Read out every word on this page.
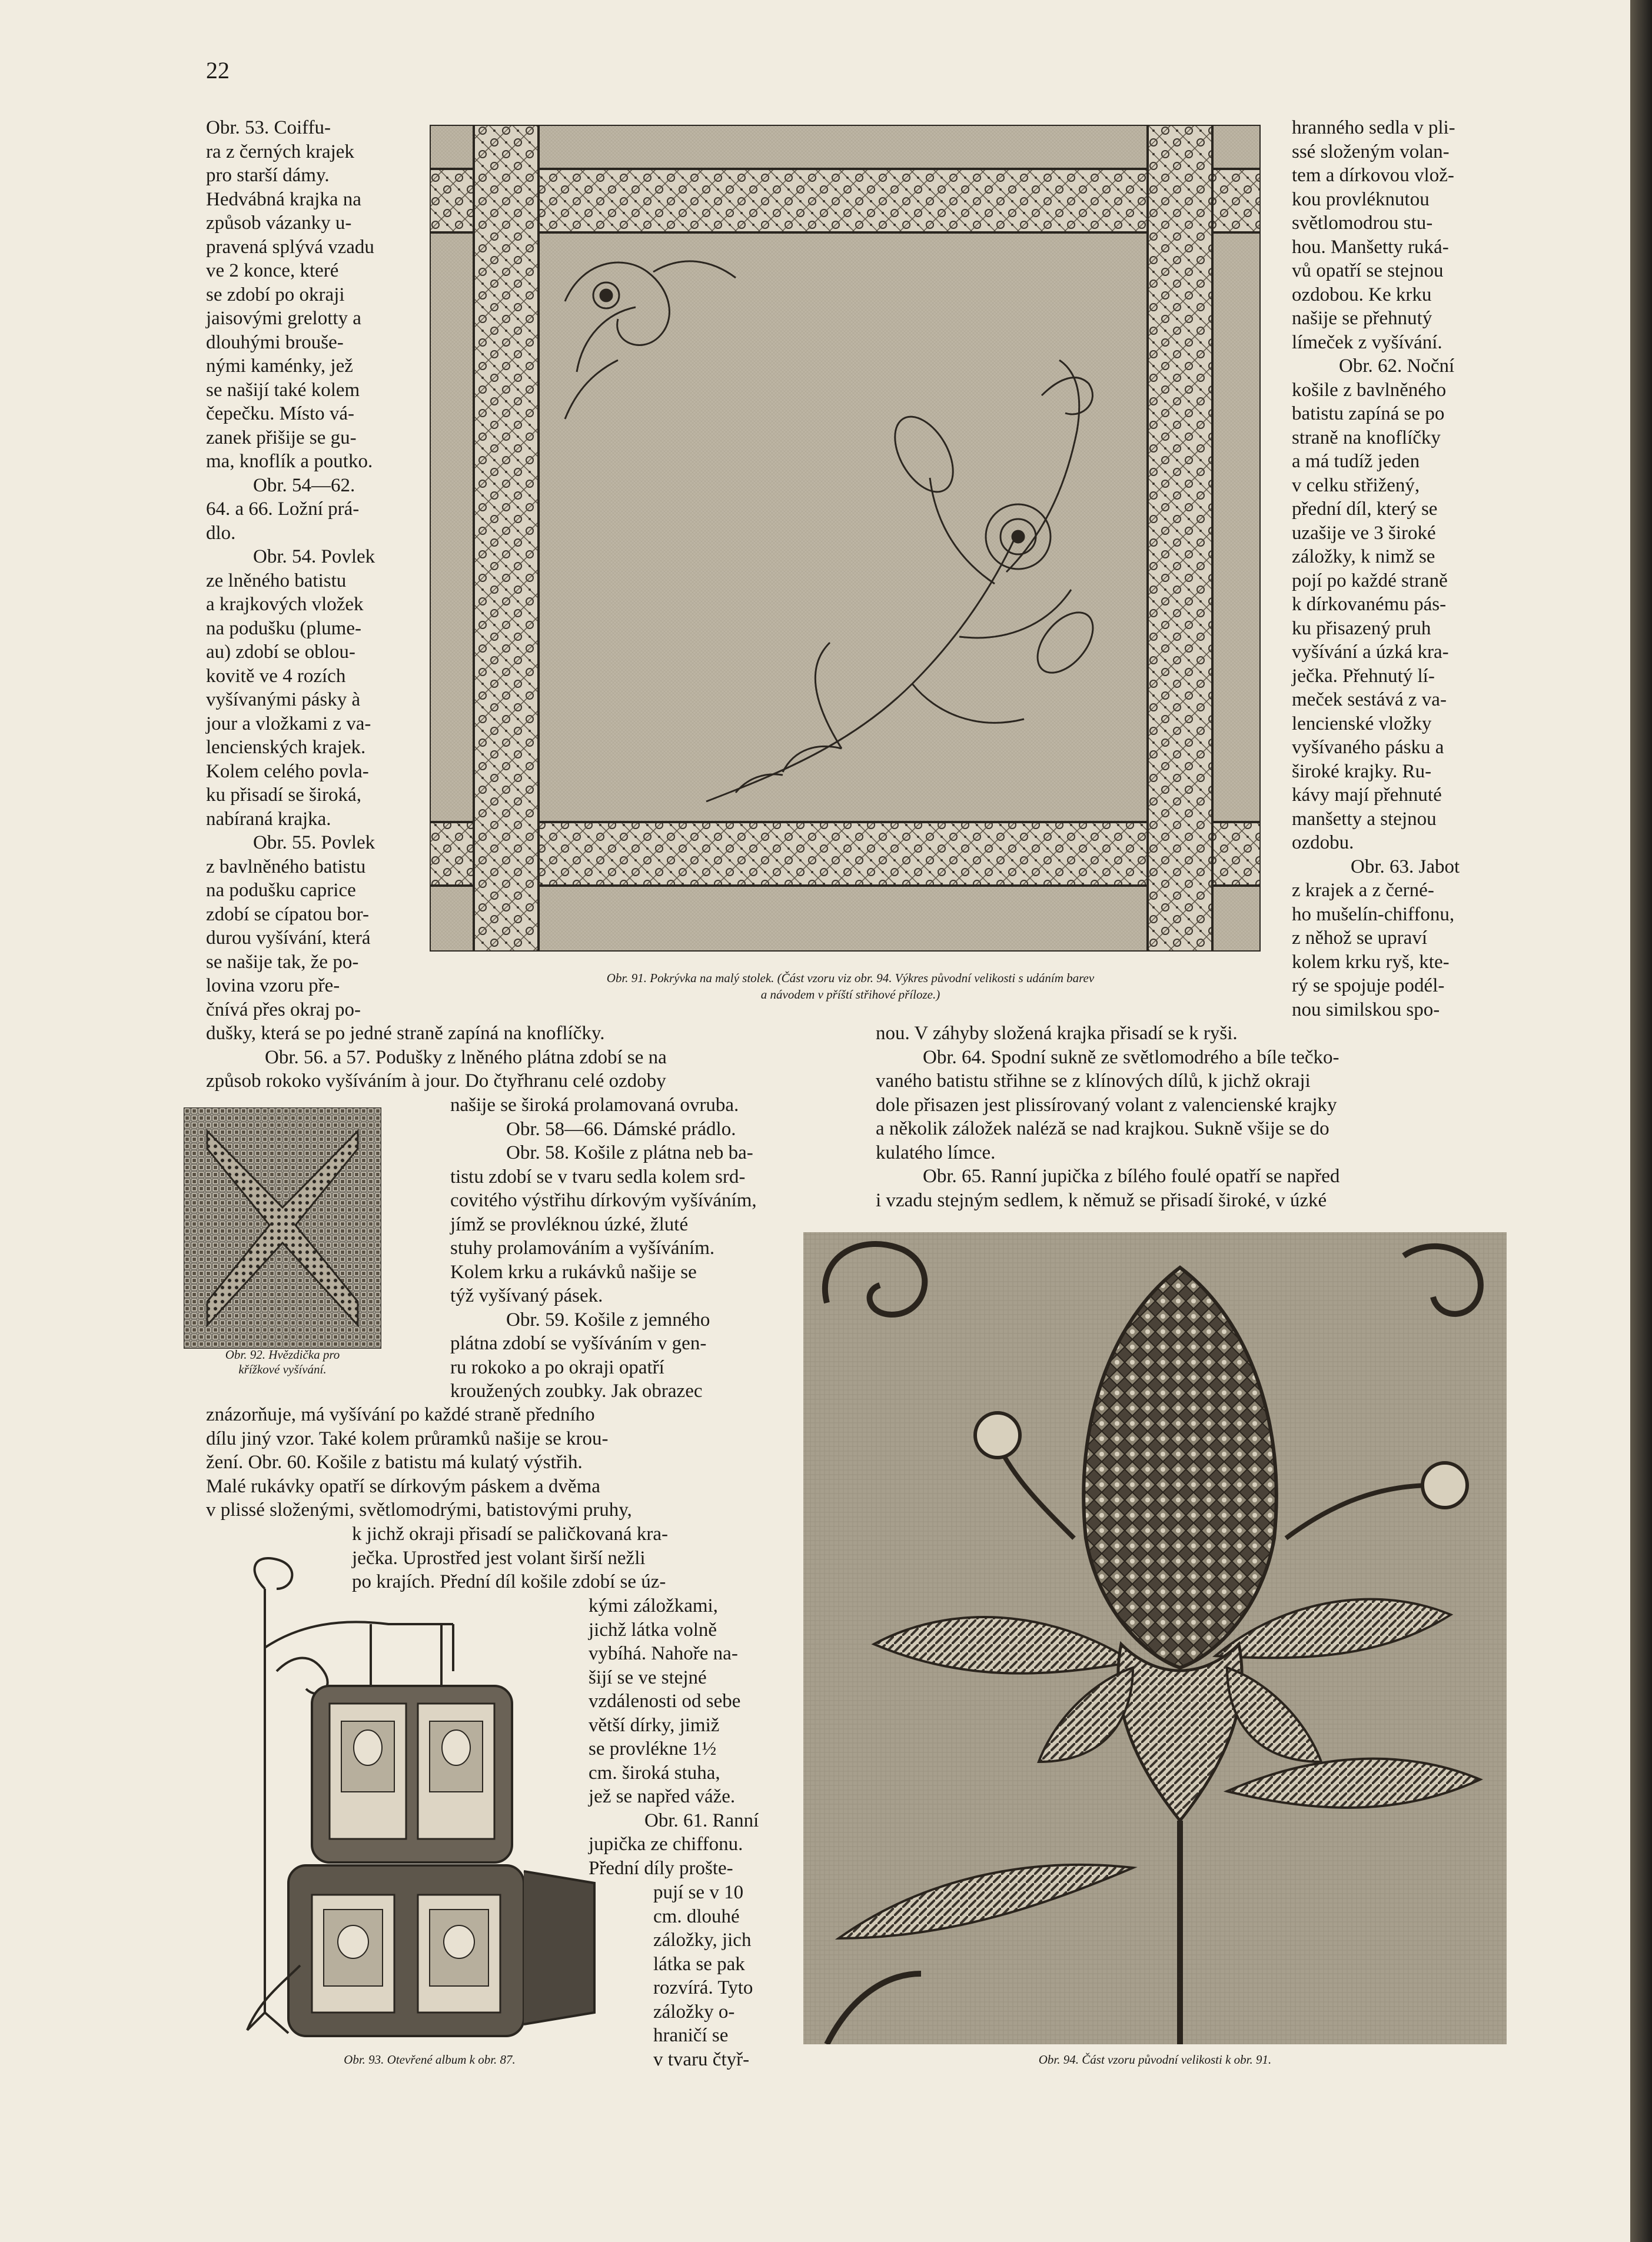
22

Obr. 91. Pokrývka na malý stolek. (Část vzoru viz obr. 94. Výkres původní velikosti s udáním barev

a návodem v příští střihové příloze.)

Obr. 53. Coiffu-
ra z černých krajek
pro starší dámy.
Hedvábná krajka na
způsob vázanky u-
pravená splývá vzadu
ve 2 konce, které
se zdobí po okraji
jaisovými grelotty a
dlouhými brouše-
nými kaménky, jež
se našijí také kolem
čepečku. Místo vá-
zanek přišije se gu-
ma, knoflík a poutko.
Obr. 54—62.
64. a 66. Ložní prá-
dlo.
Obr. 54. Povlek
ze lněného batistu
a krajkových vložek
na podušku (plume-
au) zdobí se oblou-
kovitě ve 4 rozích
vyšívanými pásky à
jour a vložkami z va-
lencienských krajek.
Kolem celého povla-
ku přisadí se široká,
nabíraná krajka.
Obr. 55. Povlek
z bavlněného batistu
na podušku caprice
zdobí se cípatou bor-
durou vyšívání, která
se našije tak, že po-
lovina vzoru pře-
čnívá přes okraj po-
dušky, která se po jedné straně zapíná na knoflíčky.
Obr. 56. a 57. Podušky z lněného plátna zdobí se na
způsob rokoko vyšíváním à jour. Do čtyřhranu celé ozdoby

Obr. 92. Hvězdička pro

křížkové vyšívání.

našije se široká prolamovaná ovruba.
Obr. 58—66. Dámské prádlo.
Obr. 58. Košile z plátna neb ba-
tistu zdobí se v tvaru sedla kolem srd-
covitého výstřihu dírkovým vyšíváním,
jímž se provléknou úzké, žluté
stuhy prolamováním a vyšíváním.
Kolem krku a rukávků našije se
týž vyšívaný pásek.
Obr. 59. Košile z jemného
plátna zdobí se vyšíváním v gen-
ru rokoko a po okraji opatří
kroužených zoubky. Jak obrazec
znázorňuje, má vyšívání po každé straně předního
dílu jiný vzor. Také kolem průramků našije se krou-
žení. Obr. 60. Košile z batistu má kulatý výstřih.
Malé rukávky opatří se dírkovým páskem a dvěma
v plissé složenými, světlomodrými, batistovými pruhy,
k jichž okraji přisadí se paličkovaná kra-
ječka. Uprostřed jest volant širší nežli
po krajích. Přední díl košile zdobí se úz-
kými záložkami,
jichž látka volně
vybíhá. Nahoře na-
šijí se ve stejné
vzdálenosti od sebe
větší dírky, jimiž
se provlékne 1½
cm. široká stuha,
jež se napřed váže.
Obr. 61. Ranní
jupička ze chiffonu.
Přední díly prošte-
pují se v 10
cm. dlouhé
záložky, jich
látka se pak
rozvírá. Tyto
záložky o-
hraničí se
v tvaru čtyř-

Obr. 93. Otevřené album k obr. 87.

hranného sedla v pli-
ssé složeným volan-
tem a dírkovou vlož-
kou provléknutou
světlomodrou stu-
hou. Manšetty ruká-
vů opatří se stejnou
ozdobou. Ke krku
našije se přehnutý
límeček z vyšívání.
Obr. 62. Noční
košile z bavlněného
batistu zapíná se po
straně na knoflíčky
a má tudíž jeden
v celku střižený,
přední díl, který se
uzašije ve 3 široké
záložky, k nimž se
pojí po každé straně
k dírkovanému pás-
ku přisazený pruh
vyšívání a úzká kra-
ječka. Přehnutý lí-
meček sestává z va-
lencienské vložky
vyšívaného pásku a
široké krajky. Ru-
kávy mají přehnuté
manšetty a stejnou
ozdobu.
Obr. 63. Jabot
z krajek a z černé-
ho mušelín-chiffonu,
z něhož se upraví
kolem krku ryš, kte-
rý se spojuje podél-
nou similskou spo-
nou. V záhyby složená krajka přisadí se k ryši.
Obr. 64. Spodní sukně ze světlomodrého a bíle tečko-
vaného batistu střihne se z klínových dílů, k jichž okraji
dole přisazen jest plissírovaný volant z valencienské krajky
a několik záložek naléză se nad krajkou. Sukně všije se do
kulatého límce.
Obr. 65. Ranní jupička z bílého foulé opatří se napřed
i vzadu stejným sedlem, k němuž se přisadí široké, v úzké

Obr. 94. Část vzoru původní velikosti k obr. 91.
